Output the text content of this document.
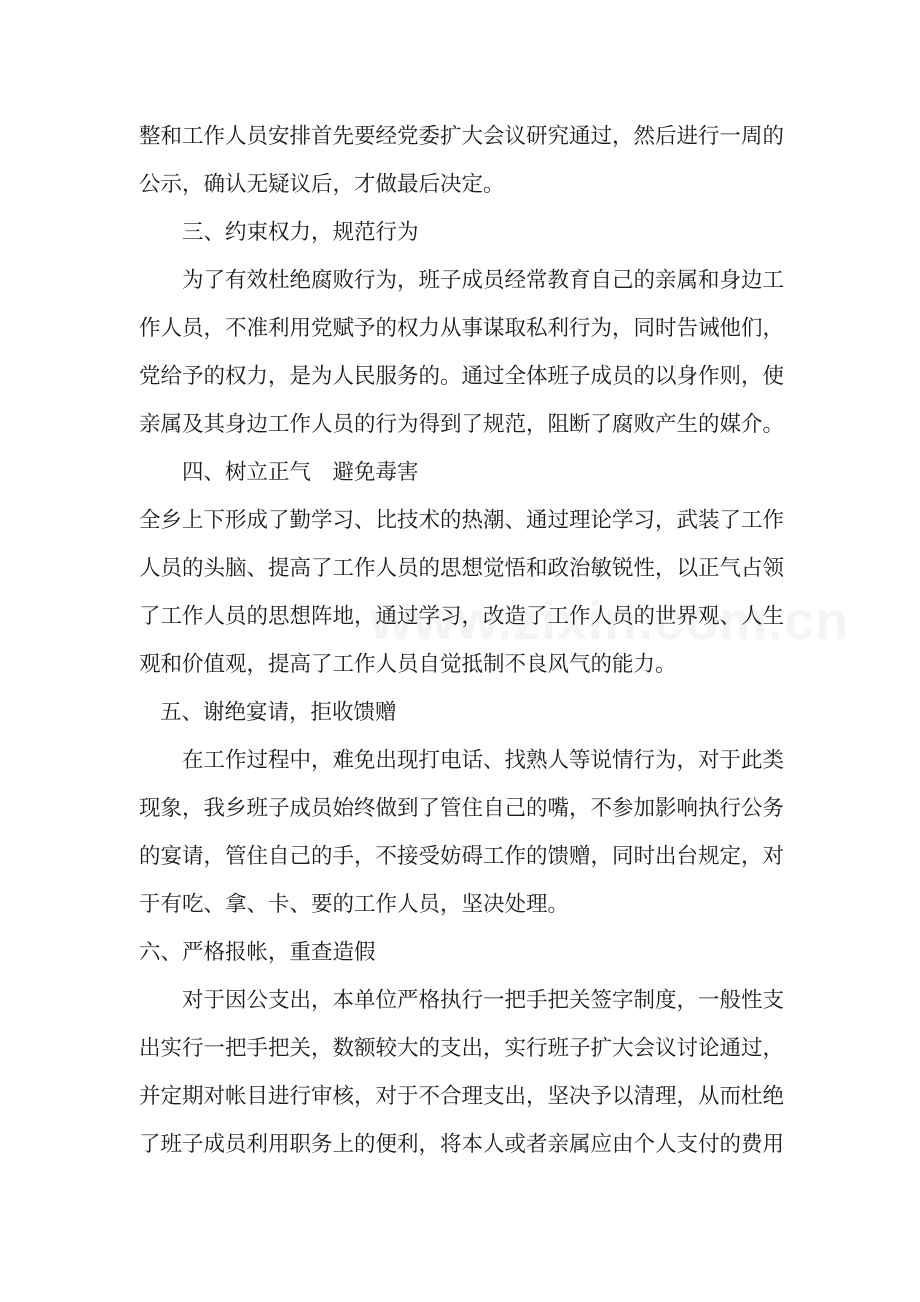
整和工作人员安排首先要经党委扩大会议研究通过，然后进行一周的
公示，确认无疑议后，才做最后决定。
三、约束权力，规范行为
为了有效杜绝腐败行为，班子成员经常教育自己的亲属和身边工
作人员，不准利用党赋予的权力从事谋取私利行为，同时告诫他们，
党给予的权力，是为人民服务的。通过全体班子成员的以身作则，使
亲属及其身边工作人员的行为得到了规范，阻断了腐败产生的媒介。
四、树立正气　避免毒害
全乡上下形成了勤学习、比技术的热潮、通过理论学习，武装了工作
人员的头脑、提高了工作人员的思想觉悟和政治敏锐性，以正气占领
了工作人员的思想阵地，通过学习，改造了工作人员的世界观、人生
观和价值观，提高了工作人员自觉抵制不良风气的能力。
五、谢绝宴请，拒收馈赠
在工作过程中，难免出现打电话、找熟人等说情行为，对于此类
现象，我乡班子成员始终做到了管住自己的嘴，不参加影响执行公务
的宴请，管住自己的手，不接受妨碍工作的馈赠，同时出台规定，对
于有吃、拿、卡、要的工作人员，坚决处理。
六、严格报帐，重查造假
对于因公支出，本单位严格执行一把手把关签字制度，一般性支
出实行一把手把关，数额较大的支出，实行班子扩大会议讨论通过，
并定期对帐目进行审核，对于不合理支出，坚决予以清理，从而杜绝
了班子成员利用职务上的便利，将本人或者亲属应由个人支付的费用
